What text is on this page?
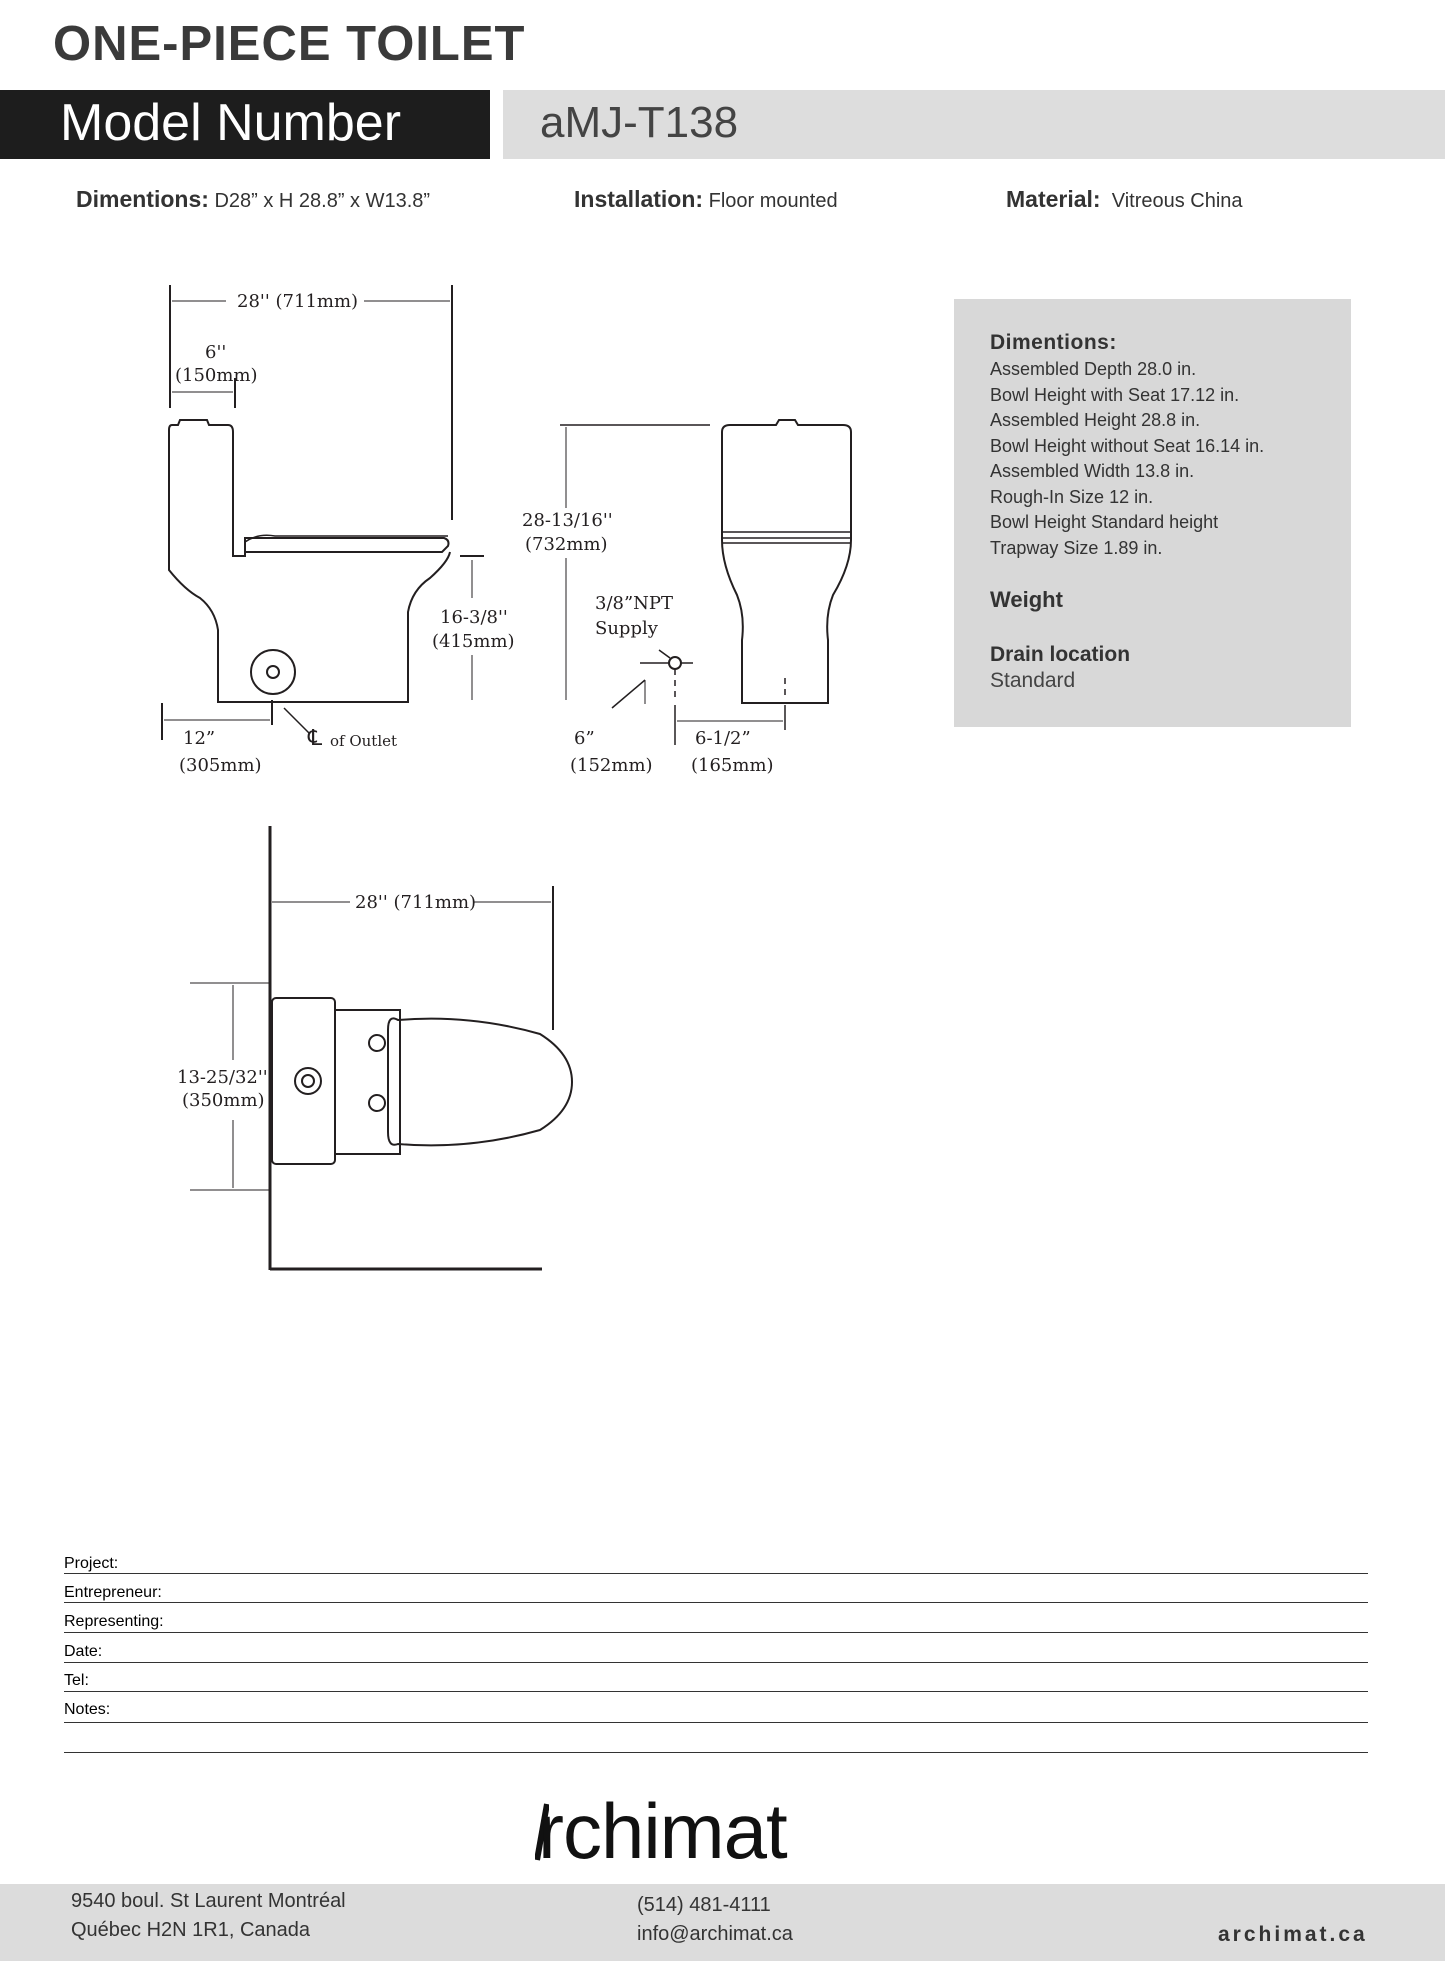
ONE-PIECE TOILET
Model Number	aMJ-T138
Dimentions: D28” x H 28.8” x W13.8”	Installation: Floor mounted	Material: Vitreous China
Dimentions:
Assembled Depth 28.0 in.
Bowl Height with Seat 17.12 in.
Assembled Height 28.8 in.
Bowl Height without Seat 16.14 in.
Assembled Width 13.8 in.
Rough-In Size 12 in.
Bowl Height Standard height
Trapway Size 1.89 in.
Weight
Drain location
Standard
28'' (711mm)
6''
(150mm)
16-3/8''
(415mm)
12”
(305mm)
℄ of Outlet
28-13/16''
(732mm)
3/8”NPT
Supply
6”
(152mm)
6-1/2”
(165mm)
28'' (711mm)
13-25/32''
(350mm)
Project:
Entrepreneur:
Representing:
Date:
Tel:
Notes:
rchimat
9540 boul. St Laurent Montréal
Québec H2N 1R1, Canada
(514) 481-4111
info@archimat.ca	archimat.ca
